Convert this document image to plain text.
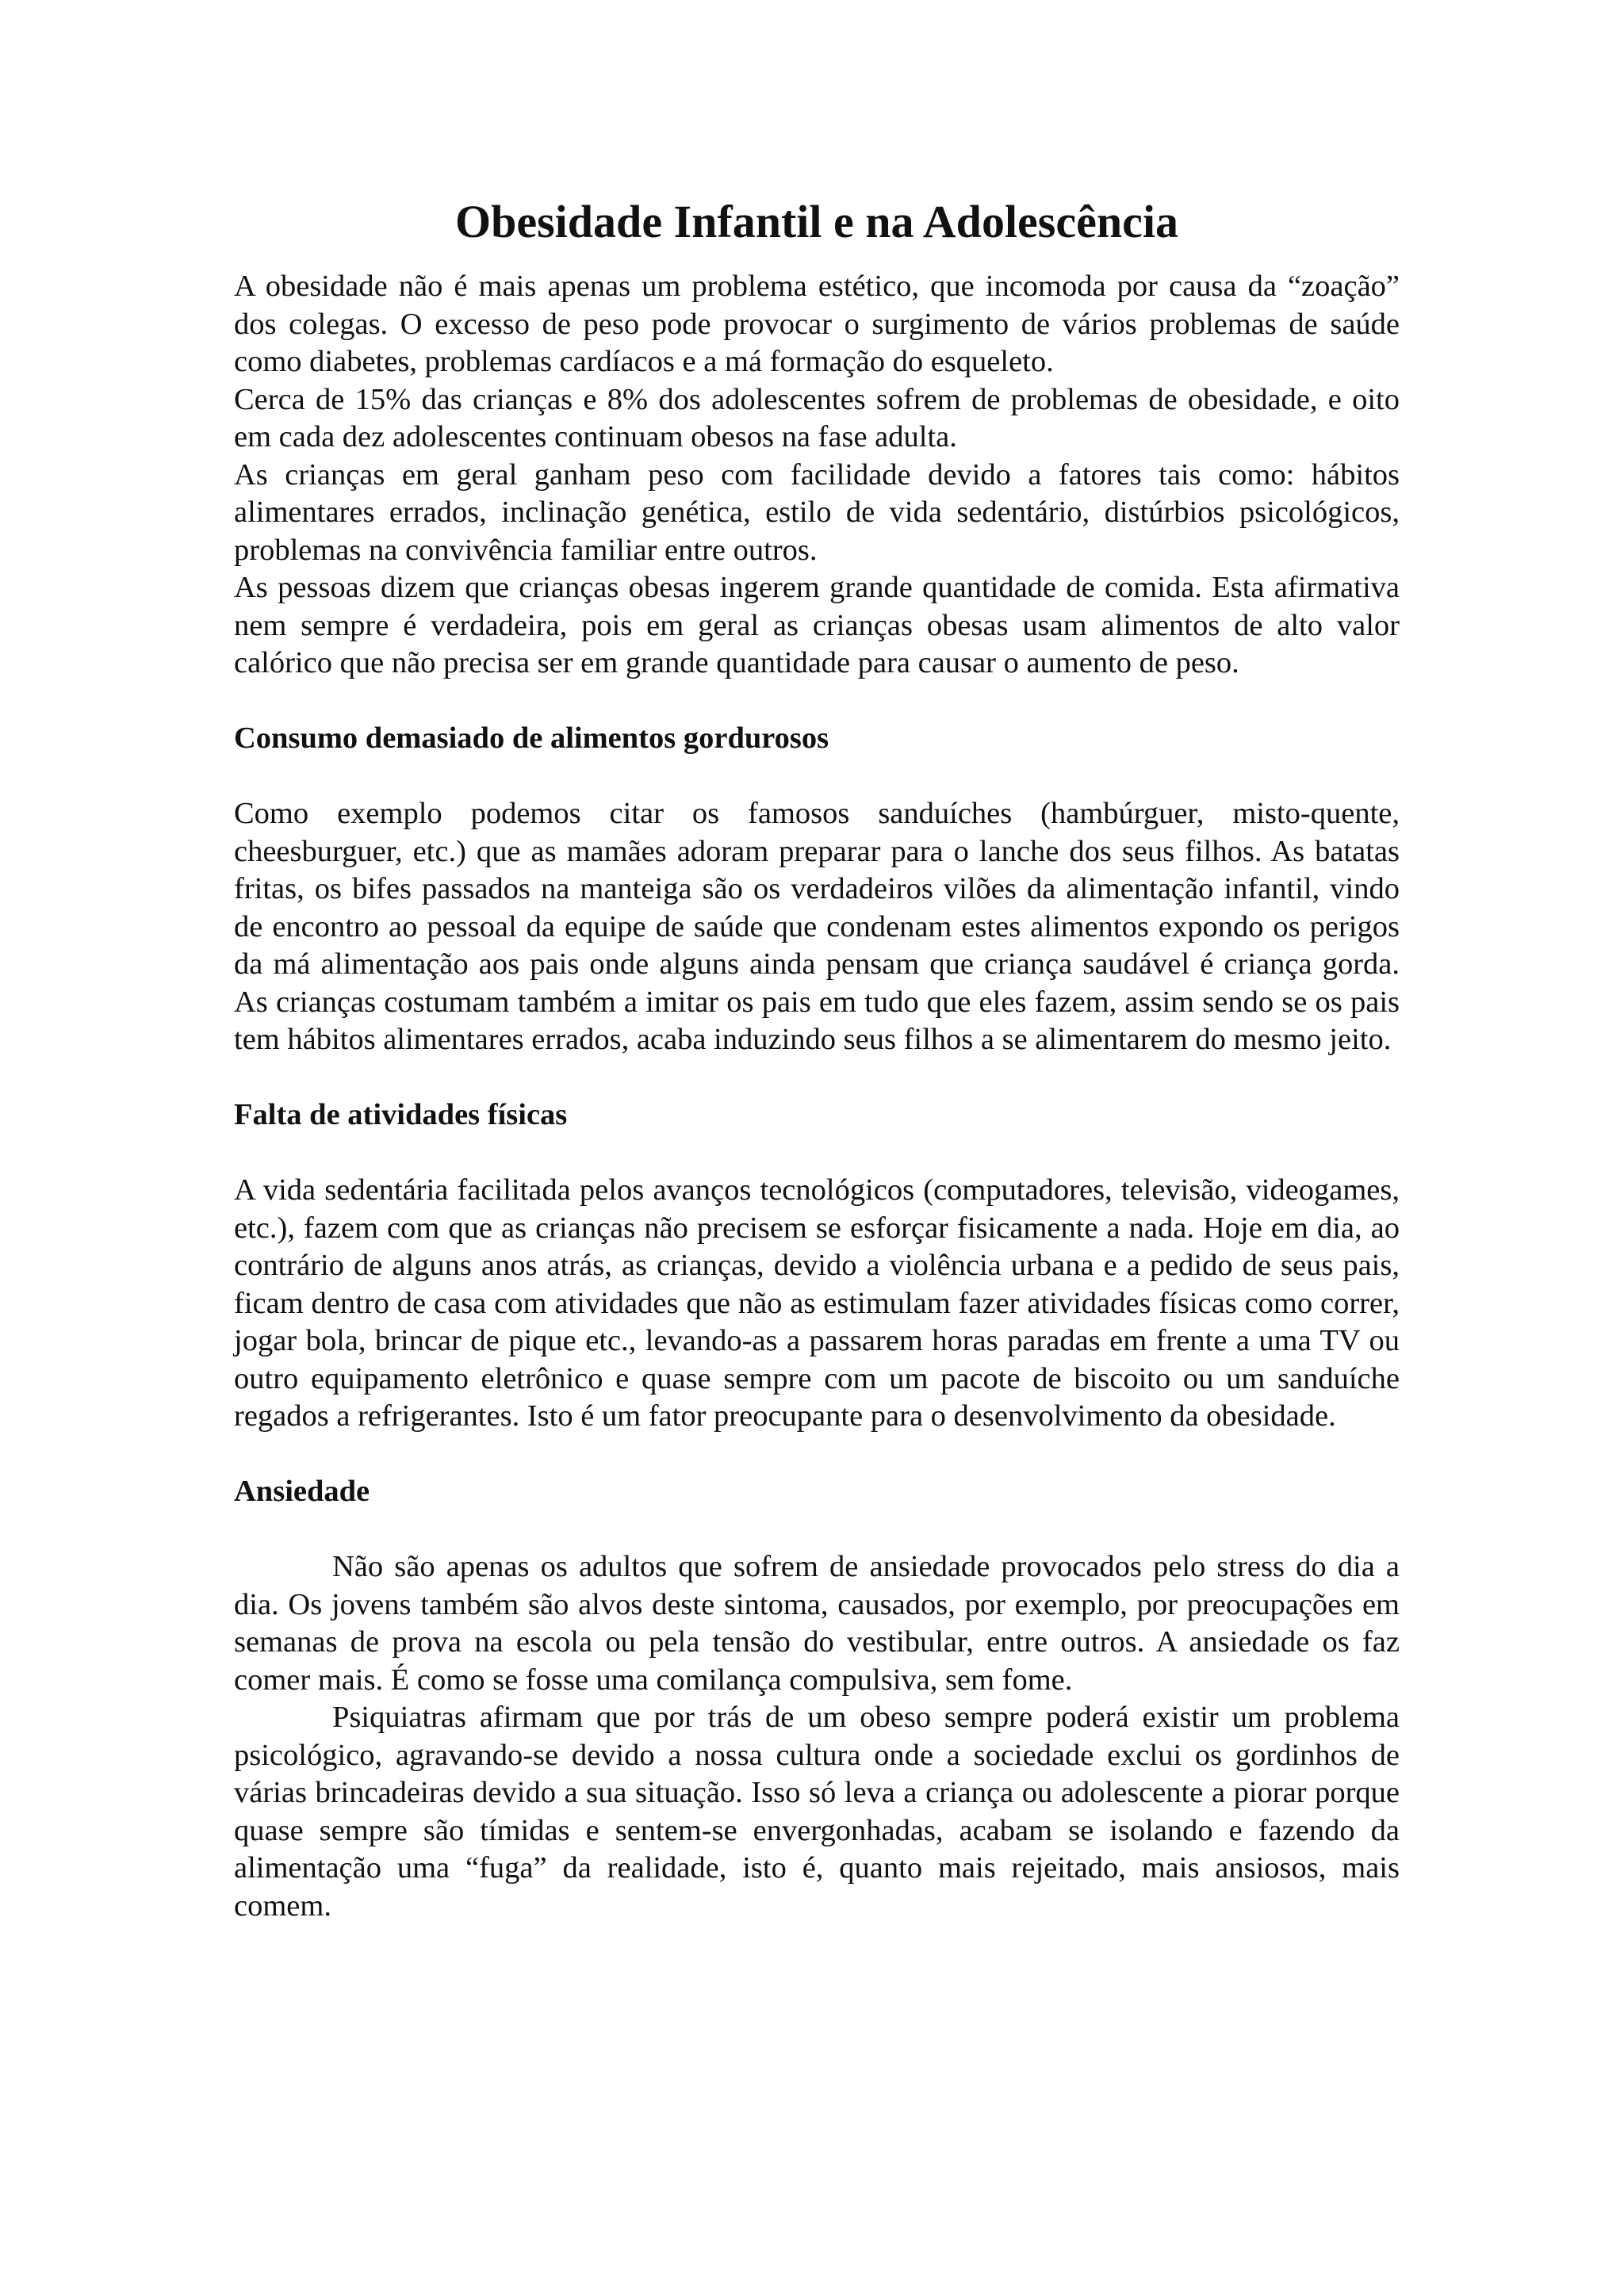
Obesidade Infantil e na Adolescência

A obesidade não é mais apenas um problema estético, que incomoda por causa da “zoação” dos colegas. O excesso de peso pode provocar o surgimento de vários problemas de saúde como diabetes, problemas cardíacos e a má formação do esqueleto.

Cerca de 15% das crianças e 8% dos adolescentes sofrem de problemas de obesidade, e oito em cada dez adolescentes continuam obesos na fase adulta.

As crianças em geral ganham peso com facilidade devido a fatores tais como: hábitos alimentares errados, inclinação genética, estilo de vida sedentário, distúrbios psicológicos, problemas na convivência familiar entre outros.

As pessoas dizem que crianças obesas ingerem grande quantidade de comida. Esta afirmativa nem sempre é verdadeira, pois em geral as crianças obesas usam alimentos de alto valor calórico que não precisa ser em grande quantidade para causar o aumento de peso.

Consumo demasiado de alimentos gordurosos

Como exemplo podemos citar os famosos sanduíches (hambúrguer, misto-quente, cheesburguer, etc.) que as mamães adoram preparar para o lanche dos seus filhos. As batatas fritas, os bifes passados na manteiga são os verdadeiros vilões da alimentação infantil, vindo de encontro ao pessoal da equipe de saúde que condenam estes alimentos expondo os perigos da má alimentação aos pais onde alguns ainda pensam que criança saudável é criança gorda. As crianças costumam também a imitar os pais em tudo que eles fazem, assim sendo se os pais tem hábitos alimentares errados, acaba induzindo seus filhos a se alimentarem do mesmo jeito.

Falta de atividades físicas

A vida sedentária facilitada pelos avanços tecnológicos (computadores, televisão, videogames, etc.), fazem com que as crianças não precisem se esforçar fisicamente a nada. Hoje em dia, ao contrário de alguns anos atrás, as crianças, devido a violência urbana e a pedido de seus pais, ficam dentro de casa com atividades que não as estimulam fazer atividades físicas como correr, jogar bola, brincar de pique etc., levando-as a passarem horas paradas em frente a uma TV ou outro equipamento eletrônico e quase sempre com um pacote de biscoito ou um sanduíche regados a refrigerantes. Isto é um fator preocupante para o desenvolvimento da obesidade.

Ansiedade

Não são apenas os adultos que sofrem de ansiedade provocados pelo stress do dia a dia. Os jovens também são alvos deste sintoma, causados, por exemplo, por preocupações em semanas de prova na escola ou pela tensão do vestibular, entre outros. A ansiedade os faz comer mais. É como se fosse uma comilança compulsiva, sem fome.

Psiquiatras afirmam que por trás de um obeso sempre poderá existir um problema psicológico, agravando-se devido a nossa cultura onde a sociedade exclui os gordinhos de várias brincadeiras devido a sua situação. Isso só leva a criança ou adolescente a piorar porque quase sempre são tímidas e sentem-se envergonhadas, acabam se isolando e fazendo da alimentação uma “fuga” da realidade, isto é, quanto mais rejeitado, mais ansiosos, mais comem.
